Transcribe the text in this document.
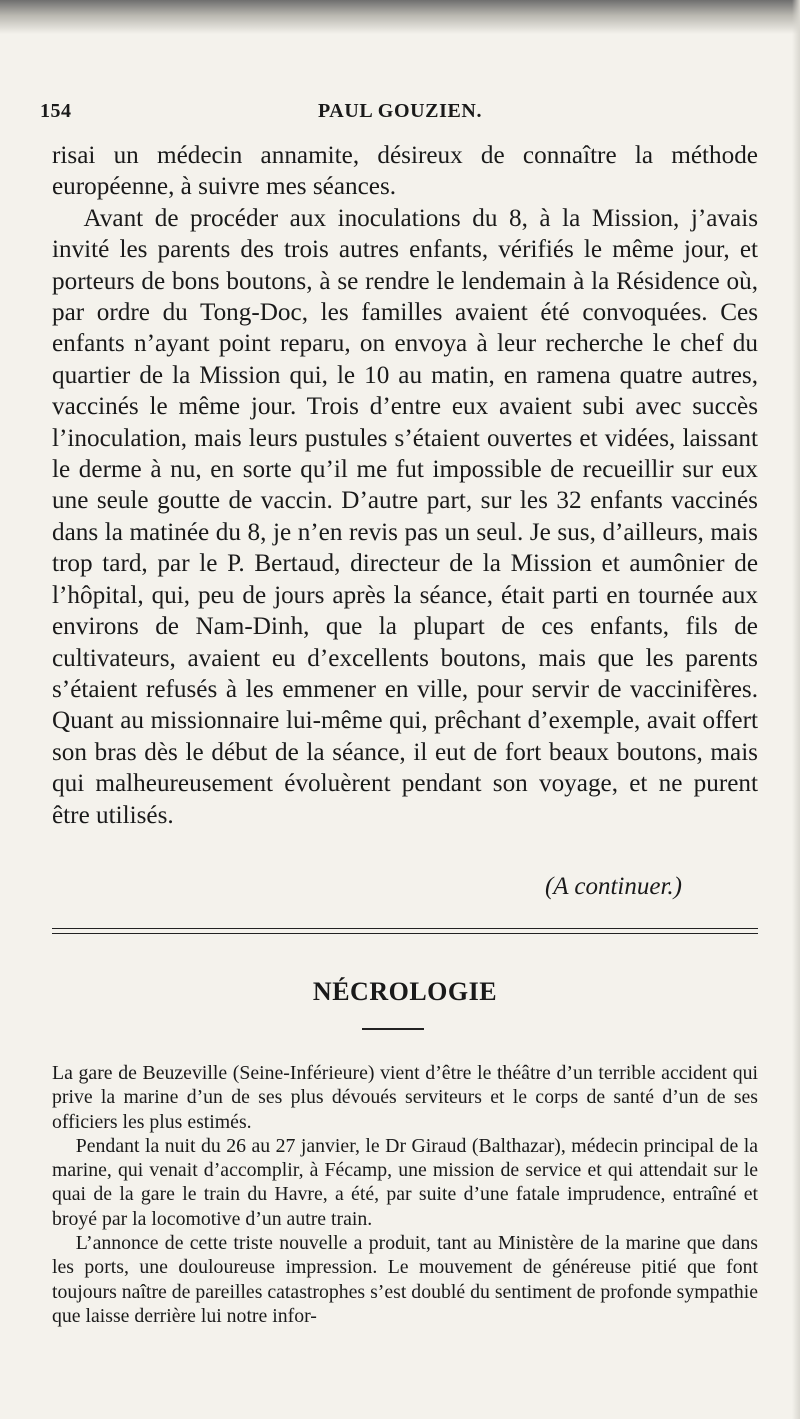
154	PAUL GOUZIEN.

risai un médecin annamite, désireux de connaître la méthode européenne, à suivre mes séances.

Avant de procéder aux inoculations du 8, à la Mission, j’avais invité les parents des trois autres enfants, vérifiés le même jour, et porteurs de bons boutons, à se rendre le lendemain à la Résidence où, par ordre du Tong-Doc, les familles avaient été convoquées. Ces enfants n’ayant point reparu, on envoya à leur recherche le chef du quartier de la Mission qui, le 10 au matin, en ramena quatre autres, vaccinés le même jour. Trois d’entre eux avaient subi avec succès l’inoculation, mais leurs pustules s’étaient ouvertes et vidées, laissant le derme à nu, en sorte qu’il me fut impossible de recueillir sur eux une seule goutte de vaccin. D’autre part, sur les 32 enfants vaccinés dans la matinée du 8, je n’en revis pas un seul. Je sus, d’ailleurs, mais trop tard, par le P. Bertaud, directeur de la Mission et aumônier de l’hôpital, qui, peu de jours après la séance, était parti en tournée aux environs de Nam-Dinh, que la plupart de ces enfants, fils de cultivateurs, avaient eu d’excellents boutons, mais que les parents s’étaient refusés à les emmener en ville, pour servir de vaccinifères. Quant au missionnaire lui-même qui, prêchant d’exemple, avait offert son bras dès le début de la séance, il eut de fort beaux boutons, mais qui malheureusement évoluèrent pendant son voyage, et ne purent être utilisés.

(A continuer.)
NÉCROLOGIE

La gare de Beuzeville (Seine-Inférieure) vient d’être le théâtre d’un terrible accident qui prive la marine d’un de ses plus dévoués serviteurs et le corps de santé d’un de ses officiers les plus estimés.

Pendant la nuit du 26 au 27 janvier, le Dr Giraud (Balthazar), médecin principal de la marine, qui venait d’accomplir, à Fécamp, une mission de service et qui attendait sur le quai de la gare le train du Havre, a été, par suite d’une fatale imprudence, entraîné et broyé par la locomotive d’un autre train.

L’annonce de cette triste nouvelle a produit, tant au Ministère de la marine que dans les ports, une douloureuse impression. Le mouvement de généreuse pitié que font toujours naître de pareilles catastrophes s’est doublé du sentiment de profonde sympathie que laisse derrière lui notre infor-
